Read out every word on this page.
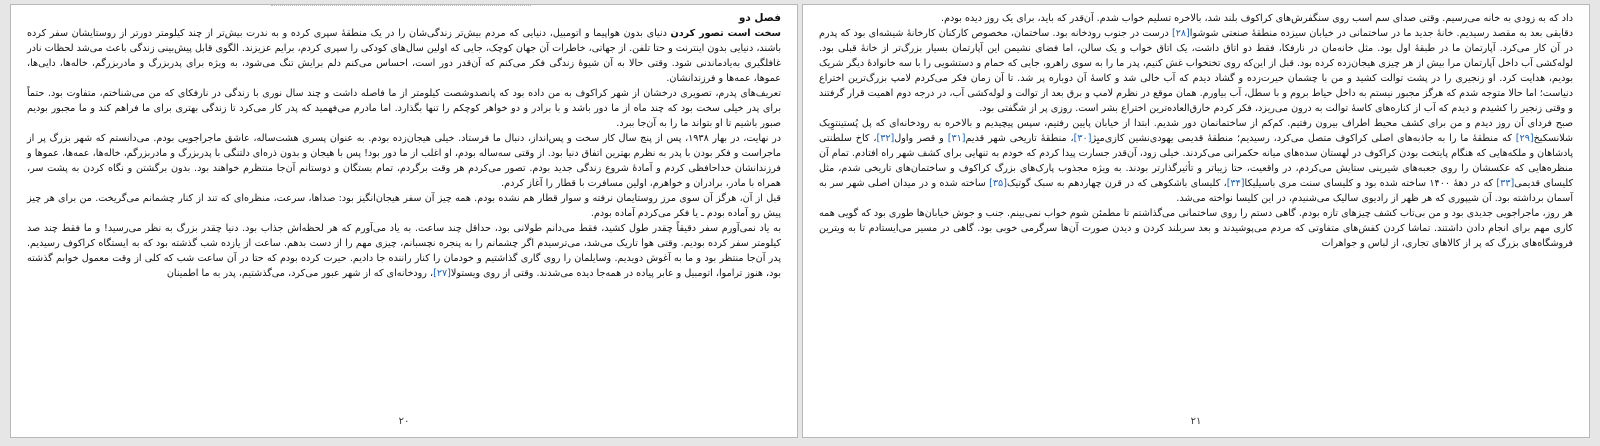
فصل دو

سخت است تصور کردن دنیای بدون هواپیما و اتومبیل، دنیایی که مردم بیش‌تر زندگی‌شان را در یک منطقهٔ سپری کرده و به ندرت بیش‌تر از چند کیلومتر دورتر از روستایشان سفر کرده باشند، دنیایی بدون اینترنت و حتا تلفن. از جهاتی، خاطرات آن جهان کوچک، جایی که اولین سال‌های کودکی را سپری کردم، برایم عزیزند. الگوی قابل پیش‌بینی زندگی باعث می‌شد لحظات نادر غافلگیری به‌یادماندنی شود. وقتی حالا به آن شیوهٔ زندگی فکر می‌کنم که آن‌قدر دور است، احساس می‌کنم دلم برایش تنگ می‌شود، به ویژه برای پدربزرگ و مادربزرگم، خاله‌ها، دایی‌ها، عموها، عمه‌ها و فرزندانشان.

تعریف‌های پدرم، تصویری درخشان از شهر کراکوف به من داده بود که پانصدوشصت کیلومتر از ما فاصله داشت و چند سال نوری با زندگی در نارفکای که من می‌شناختم، متفاوت بود. حتماً برای پدر خیلی سخت بود که چند ماه از ما دور باشد و با برادر و دو خواهر کوچکم را تنها بگذارد. اما مادرم می‌فهمید که پدر کار می‌کرد تا زندگی بهتری برای ما فراهم کند و ما مجبور بودیم صبور باشیم تا او بتواند ما را به آن‌جا ببرد.

در نهایت، در بهار ۱۹۳۸، پس از پنج سال کار سخت و پس‌انداز، دنبال ما فرستاد. خیلی هیجان‌زده بودم. به عنوان پسری هشت‌ساله، عاشق ماجراجویی بودم. می‌دانستم که شهر بزرگ پر از ماجراست و فکر بودن با پدر به نظرم بهترین اتفاق دنیا بود. از وقتی سه‌ساله بودم، او اغلب از ما دور بود! پس با هیجان و بدون ذره‌ای دلتنگی با پدربزرگ و مادربزرگم، خاله‌ها، عمه‌ها، عموها و فرزندانشان خداحافظی کردم و آمادهٔ شروع زندگی جدید بودم. تصور می‌کردم هر وقت برگردم، تمام بستگان و دوستانم آن‌جا منتظرم خواهند بود. بدون برگشتن و نگاه کردن به پشت سر، همراه با مادر، برادران و خواهرم، اولین مسافرت با قطار را آغاز کردم.

قبل از آن، هرگز آن سوی مرز روستایمان نرفته و سوار قطار هم نشده بودم. همه چیز آن سفر هیجان‌انگیز بود: صداها، سرعت، منظره‌ای که تند از کنار چشمانم می‌گریخت. من برای هر چیز پیش رو آماده بودم ـ یا فکر می‌کردم آماده بودم.

به یاد نمی‌آورم سفر دقیقاً چقدر طول کشید، فقط می‌دانم طولانی بود، حداقل چند ساعت. به یاد می‌آورم که هر لحظه‌اش جذاب بود. دنیا چقدر بزرگ به نظر می‌رسید! و ما فقط چند صد کیلومتر سفر کرده بودیم. وقتی هوا تاریک می‌شد، می‌ترسیدم اگر چشمانم را به پنجره نچسبانم، چیزی مهم را از دست بدهم. ساعت از یازده شب گذشته بود که به ایستگاه کراکوف رسیدیم. پدر آن‌جا منتظر بود و ما به آغوش دویدیم. وسایلمان را روی گاری گذاشتیم و خودمان را کنار راننده جا دادیم. حیرت کرده بودم که حتا در آن ساعت شب که کلی از وقت معمول خوابم گذشته بود، هنوز تراموا، اتومبیل و عابر پیاده در همه‌جا دیده می‌شدند. وقتی از روی ویستولا[۲۷]، رودخانه‌ای که از شهر عبور می‌کرد، می‌گذشتیم، پدر به ما اطمینان

۲۰

داد که به زودی به خانه می‌رسیم. وقتی صدای سم اسب روی سنگفرش‌های کراکوف بلند شد، بالاخره تسلیم خواب شدم. آن‌قدر که باید، برای یک روز دیده بودم.

دقایقی بعد به مقصد رسیدیم. خانهٔ جدید ما در ساختمانی در خیابان سیزده منطقهٔ صنعتی شوشوا[۲۸] درست در جنوب رودخانه بود. ساختمان، مخصوص کارکنان کارخانهٔ شیشه‌ای بود که پدرم در آن کار می‌کرد. آپارتمان ما در طبقهٔ اول بود. مثل خانه‌مان در نارفکا، فقط دو اتاق داشت، یک اتاق خواب و یک سالن، اما فضای نشیمن این آپارتمان بسیار بزرگ‌تر از خانهٔ قبلی بود. لوله‌کشی آب داخل آپارتمان مرا بیش از هر چیزی هیجان‌زده کرده بود. قبل از این‌که روی تختخواب غش کنیم، پدر ما را به سوی راهرو، جایی که حمام و دستشویی را با سه خانوادهٔ دیگر شریک بودیم، هدایت کرد. او زنجیری را در پشت توالت کشید و من با چشمان حیرت‌زده و گشاد دیدم که آب خالی شد و کاسهٔ آن دوباره پر شد. تا آن زمان فکر می‌کردم لامپ بزرگ‌ترین اختراع دنیاست؛ اما حالا متوجه شدم که هرگز مجبور نیستم به داخل حیاط بروم و با سطل، آب بیاورم. همان موقع در نظرم لامپ و برق بعد از توالت و لوله‌کشی آب، در درجه دوم اهمیت قرار گرفتند و وقتی زنجیر را کشیدم و دیدم که آب از کناره‌های کاسهٔ توالت به درون می‌ریزد، فکر کردم خارق‌العاده‌ترین اختراع بشر است. روزی پر از شگفتی بود.

صبح فردای آن روز دیدم و من برای کشف محیط اطراف بیرون رفتیم. کم‌کم از ساختمانمان دور شدیم. ابتدا از خیابان پایین رفتیم، سپس پیچیدیم و بالاخره به رودخانه‌ای که پل پُستینتوِیک شلانسکیخ[۲۹] که منطقهٔ ما را به جاذبه‌های اصلی کراکوف متصل می‌کرد، رسیدیم؛ منطقهٔ قدیمی یهودی‌نشین کازی‌میِژ[۳۰]، منطقهٔ تاریخی شهر قدیم[۳۱] و قصر واول[۳۲]، کاخ سلطنتی پادشاهان و ملکه‌هایی که هنگام پایتخت بودن کراکوف در لهستان سده‌های میانه حکمرانی می‌کردند. خیلی زود، آن‌قدر جسارت پیدا کردم که خودم به تنهایی برای کشف شهر راه افتادم. تمام آن منظره‌هایی که عکسشان را روی جعبه‌های شیرینی ستایش می‌کردم، در واقعیت، حتا زیباتر و تأثیرگذارتر بودند. به ویژه مجذوب پارک‌های بزرگ کراکوف و ساختمان‌های تاریخی شدم، مثل کلیسای قدیمی[۳۳] که در دههٔ ۱۴۰۰ ساخته شده بود و کلیسای سنت مری باسیلیکا[۳۴]، کلیسای باشکوهی که در قرن چهاردهم به سبک گوتیک[۳۵] ساخته شده و در میدان اصلی شهر سر به آسمان برداشته بود. آن شیپوری که هر ظهر از رادیوی سالیک می‌شنیدم، در این کلیسا نواخته می‌شد.

هر روز، ماجراجویی جدیدی بود و من بی‌تاب کشف چیزهای تازه بودم. گاهی دستم را روی ساختمانی می‌گذاشتم تا مطمئن شوم خواب نمی‌بینم. جنب و جوش خیابان‌ها طوری بود که گویی همه کاری مهم برای انجام دادن داشتند. تماشا کردن کفش‌های متفاوتی که مردم می‌پوشیدند و بعد سربلند کردن و دیدن صورت آن‌ها سرگرمی خوبی بود. گاهی در مسیر می‌ایستادم تا به ویترین فروشگاه‌های بزرگ که پر از کالاهای تجاری، از لباس و جواهرات

۲۱
